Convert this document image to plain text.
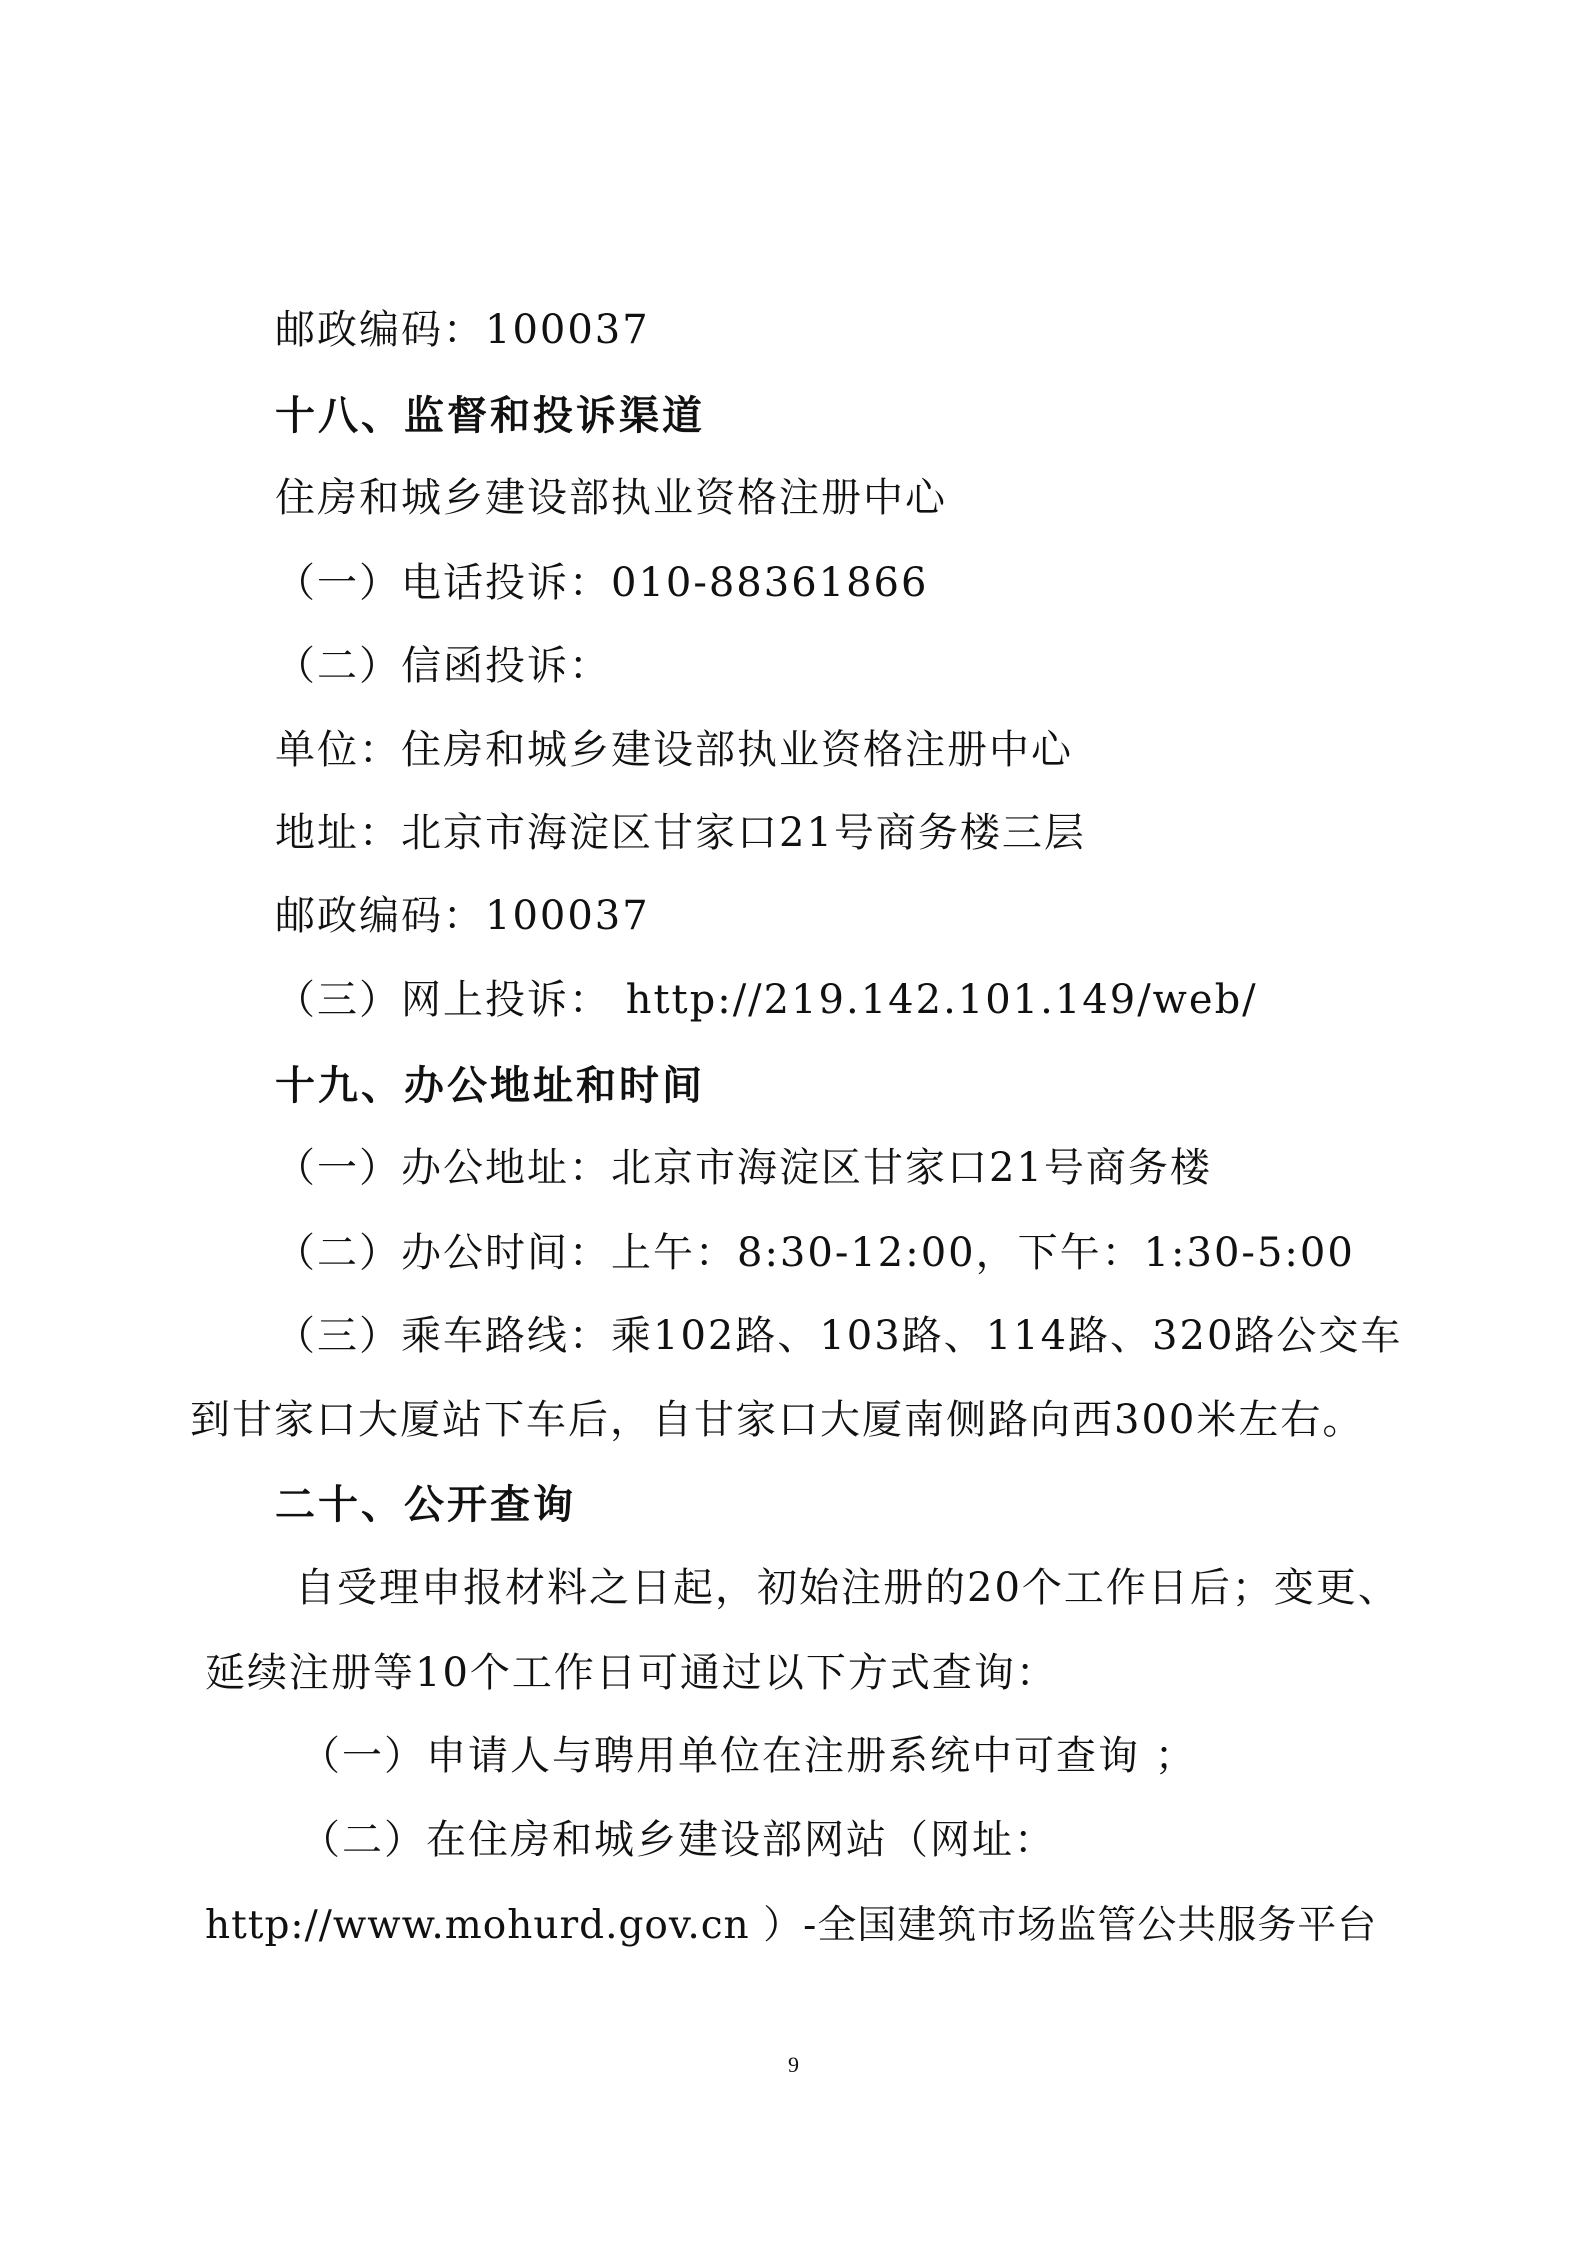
邮政编码：100037
十八、监督和投诉渠道
住房和城乡建设部执业资格注册中心
（一）电话投诉：010-88361866
（二）信函投诉：
单位：住房和城乡建设部执业资格注册中心
地址：北京市海淀区甘家口21号商务楼三层
邮政编码：100037
（三）网上投诉： http://219.142.101.149/web/
十九、办公地址和时间
（一）办公地址：北京市海淀区甘家口21号商务楼
（二）办公时间：上午：8:30-12:00，下午：1:30-5:00
（三）乘车路线：乘102路、103路、114路、320路公交车
到甘家口大厦站下车后，自甘家口大厦南侧路向西300米左右。
二十、公开查询
自受理申报材料之日起，初始注册的20个工作日后；变更、
延续注册等10个工作日可通过以下方式查询：
（一）申请人与聘用单位在注册系统中可查询 ；
（二）在住房和城乡建设部网站（网址：
http://www.mohurd.gov.cn ）-全国建筑市场监管公共服务平台
9
